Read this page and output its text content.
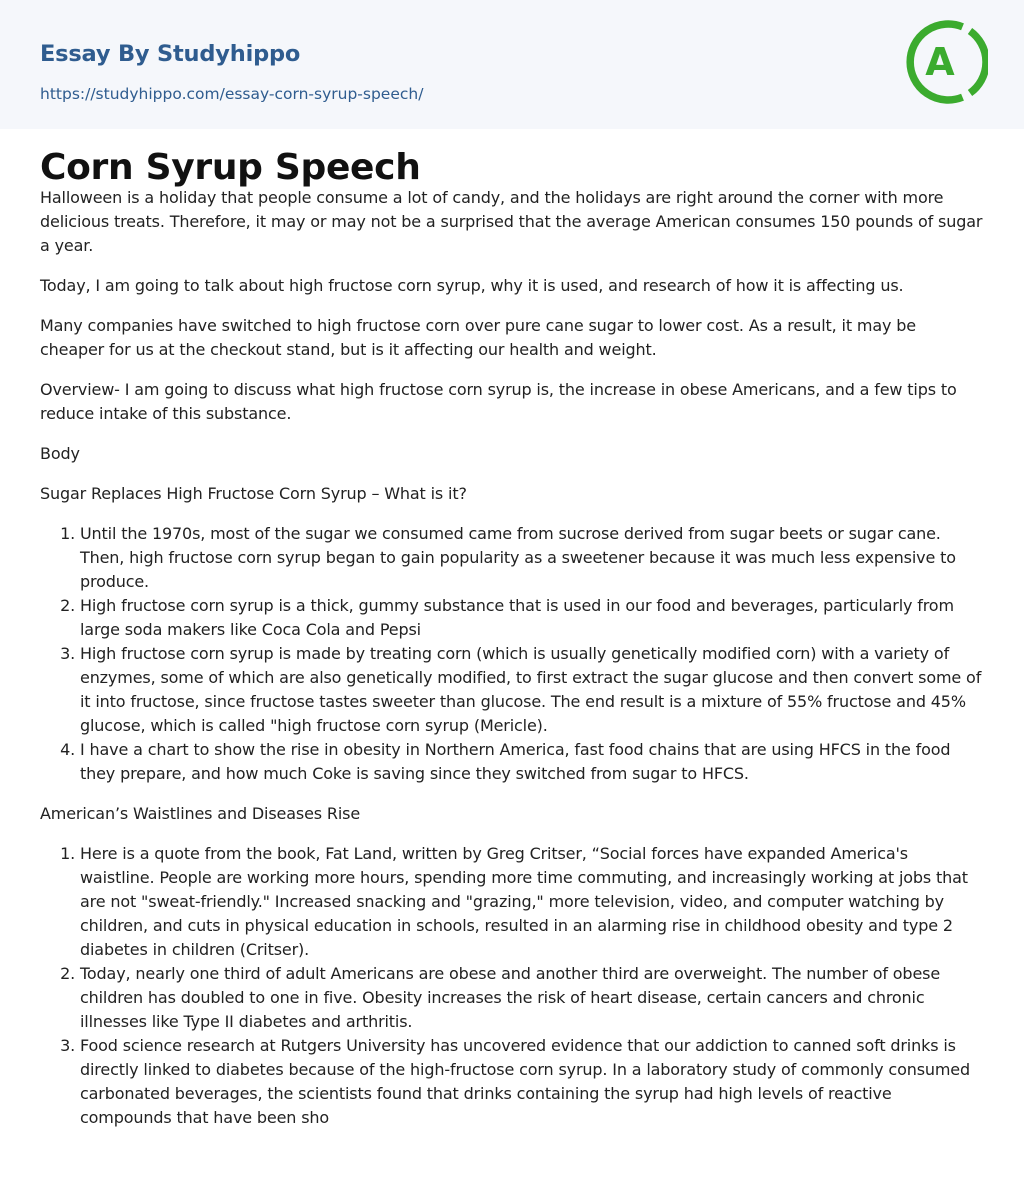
Essay By Studyhippo
https://studyhippo.com/essay-corn-syrup-speech/
A
Corn Syrup Speech

Halloween is a holiday that people consume a lot of candy, and the holidays are right around the corner with more delicious treats. Therefore, it may or may not be a surprised that the average American consumes 150 pounds of sugar a year.

Today, I am going to talk about high fructose corn syrup, why it is used, and research of how it is affecting us.

Many companies have switched to high fructose corn over pure cane sugar to lower cost. As a result, it may be cheaper for us at the checkout stand, but is it affecting our health and weight.

Overview- I am going to discuss what high fructose corn syrup is, the increase in obese Americans, and a few tips to reduce intake of this substance.

Body

Sugar Replaces High Fructose Corn Syrup – What is it?

1. Until the 1970s, most of the sugar we consumed came from sucrose derived from sugar beets or sugar cane. Then, high fructose corn syrup began to gain popularity as a sweetener because it was much less expensive to produce.
2. High fructose corn syrup is a thick, gummy substance that is used in our food and beverages, particularly from large soda makers like Coca Cola and Pepsi
3. High fructose corn syrup is made by treating corn (which is usually genetically modified corn) with a variety of enzymes, some of which are also genetically modified, to first extract the sugar glucose and then convert some of it into fructose, since fructose tastes sweeter than glucose. The end result is a mixture of 55% fructose and 45% glucose, which is called "high fructose corn syrup (Mericle).
4. I have a chart to show the rise in obesity in Northern America, fast food chains that are using HFCS in the food they prepare, and how much Coke is saving since they switched from sugar to HFCS.

American’s Waistlines and Diseases Rise

1. Here is a quote from the book, Fat Land, written by Greg Critser, “Social forces have expanded America's waistline. People are working more hours, spending more time commuting, and increasingly working at jobs that are not "sweat-friendly." Increased snacking and "grazing," more television, video, and computer watching by children, and cuts in physical education in schools, resulted in an alarming rise in childhood obesity and type 2 diabetes in children (Critser).
2. Today, nearly one third of adult Americans are obese and another third are overweight. The number of obese children has doubled to one in five. Obesity increases the risk of heart disease, certain cancers and chronic illnesses like Type II diabetes and arthritis.
3. Food science research at Rutgers University has uncovered evidence that our addiction to canned soft drinks is directly linked to diabetes because of the high-fructose corn syrup. In a laboratory study of commonly consumed carbonated beverages, the scientists found that drinks containing the syrup had high levels of reactive compounds that have been sho
